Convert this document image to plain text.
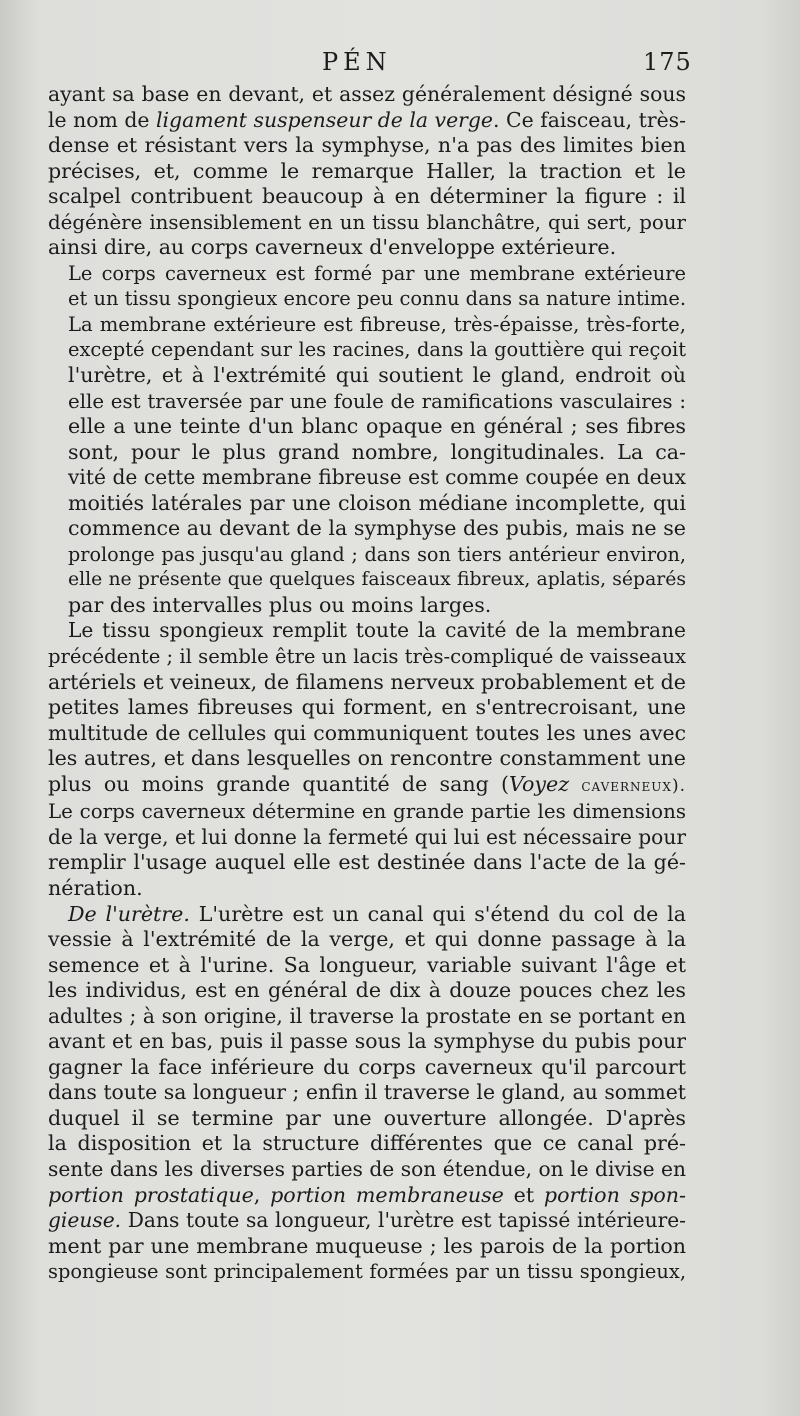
PÉN	175

ayant sa base en devant, et assez généralement désigné sous
le nom de ligament suspenseur de la verge. Ce faisceau, très-
dense et résistant vers la symphyse, n'a pas des limites bien
précises, et, comme le remarque Haller, la traction et le
scalpel contribuent beaucoup à en déterminer la figure : il
dégénère insensiblement en un tissu blanchâtre, qui sert, pour
ainsi dire, au corps caverneux d'enveloppe extérieure.

Le corps caverneux est formé par une membrane extérieure
et un tissu spongieux encore peu connu dans sa nature intime.
La membrane extérieure est fibreuse, très-épaisse, très-forte,
excepté cependant sur les racines, dans la gouttière qui reçoit
l'urètre, et à l'extrémité qui soutient le gland, endroit où
elle est traversée par une foule de ramifications vasculaires :
elle a une teinte d'un blanc opaque en général ; ses fibres
sont, pour le plus grand nombre, longitudinales. La ca-
vité de cette membrane fibreuse est comme coupée en deux
moitiés latérales par une cloison médiane incomplette, qui
commence au devant de la symphyse des pubis, mais ne se
prolonge pas jusqu'au gland ; dans son tiers antérieur environ,
elle ne présente que quelques faisceaux fibreux, aplatis, séparés
par des intervalles plus ou moins larges.

Le tissu spongieux remplit toute la cavité de la membrane
précédente ; il semble être un lacis très-compliqué de vaisseaux
artériels et veineux, de filamens nerveux probablement et de
petites lames fibreuses qui forment, en s'entrecroisant, une
multitude de cellules qui communiquent toutes les unes avec
les autres, et dans lesquelles on rencontre constamment une
plus ou moins grande quantité de sang (Voyez caverneux).
Le corps caverneux détermine en grande partie les dimensions
de la verge, et lui donne la fermeté qui lui est nécessaire pour
remplir l'usage auquel elle est destinée dans l'acte de la gé-
nération.

De l'urètre. L'urètre est un canal qui s'étend du col de la
vessie à l'extrémité de la verge, et qui donne passage à la
semence et à l'urine. Sa longueur, variable suivant l'âge et
les individus, est en général de dix à douze pouces chez les
adultes ; à son origine, il traverse la prostate en se portant en
avant et en bas, puis il passe sous la symphyse du pubis pour
gagner la face inférieure du corps caverneux qu'il parcourt
dans toute sa longueur ; enfin il traverse le gland, au sommet
duquel il se termine par une ouverture allongée. D'après
la disposition et la structure différentes que ce canal pré-
sente dans les diverses parties de son étendue, on le divise en
portion prostatique, portion membraneuse et portion spon-
gieuse. Dans toute sa longueur, l'urètre est tapissé intérieure-
ment par une membrane muqueuse ; les parois de la portion
spongieuse sont principalement formées par un tissu spongieux,
